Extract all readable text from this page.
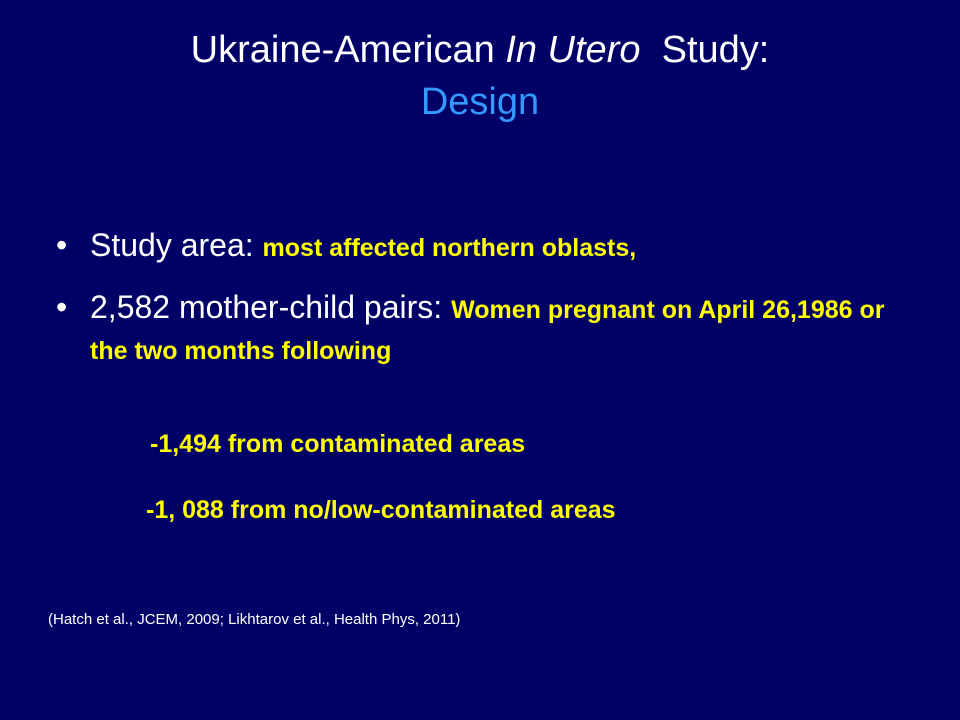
Ukraine-American In Utero  Study:
Design
• Study area: most affected northern oblasts,
• 2,582 mother-child pairs: Women pregnant on April 26,1986 or the two months following
-1,494 from contaminated areas
-1, 088 from no/low-contaminated areas
(Hatch et al., JCEM, 2009; Likhtarov et al., Health Phys, 2011)
